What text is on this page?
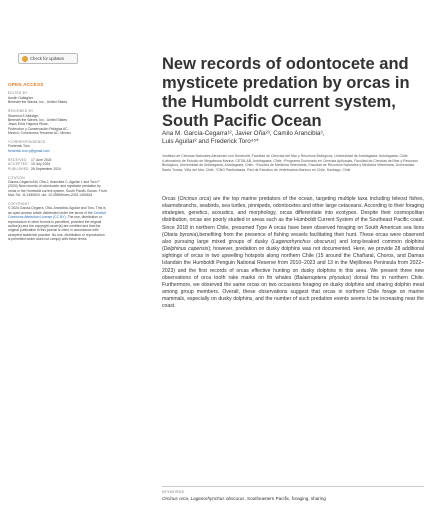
Check for updates
OPEN ACCESS
EDITED BY
Austin Gallagher,
Beneath the Waves, Inc., United States
REVIEWED BY
Shannon E Aldridge,
Beneath the Waves, Inc., United States
Jesus Erick Higuera Rivas,
Protección y Conservación Pelágica AC,
Mexico; Conexiones Terramar AC, Mexico
*CORRESPONDENCE
Frederick Toro
frederick.toro.p@gmail.com
RECEIVED	17 June 2024
ACCEPTED 19 July 2024
PUBLISHED 26 September 2024
CITATION
García-Cegarra AM, Oña J, Arancibia C, Aguilar L and Toro F (2024) New records of odontocete and mysticete predation by orcas in the Humboldt current system, South Pacific Ocean. Front. Mar. Sci. 11:1450624. doi: 10.3389/fmars.2024.1450624
COPYRIGHT
© 2024 García-Cegarra, Oña, Arancibia, Aguilar and Toro. This is an open-access article distributed under the terms of the Creative Commons Attribution License (CC BY). The use, distribution or reproduction in other forums is permitted, provided the original author(s) and the copyright owner(s) are credited and that the original publication in this journal is cited, in accordance with accepted academic practice. No use, distribution or reproduction is permitted which does not comply with these terms.
New records of odontocete and mysticete predation by orcas in the Humboldt current system, South Pacific Ocean
Ana M. García-Cegarra¹², Javier Oña²³, Camilo Arancibia³,
Luis Aguilar² and Frederick Toro⁴⁵*
¹Instituto de Ciencias Naturales Alexander von Humboldt, Facultad de Ciencias del Mar y Recursos Biológicos, Universidad de Antofagasta, Antofagasta, Chile, ²Laboratorio de Estudio de Megafauna Marina, CETALAB, Antofagasta, Chile, ³Programa Doctorado en Ciencias Aplicadas, Facultad de Ciencias del Mar y Recursos Biológicos, Universidad de Antofagasta, Antofagasta, Chile, ⁴Escuela de Medicina Veterinaria, Facultad de Recursos Naturales y Medicina Veterinaria, Universidad Santo Tomás, Viña del Mar, Chile, ⁵ONG Panthalassa, Red de Estudios de Vertebrados Marinos en Chile, Santiago, Chile
Orcas (Orcinus orca) are the top marine predators of the ocean, targeting multiple taxa including teleost fishes, elasmobranchs, seabirds, sea turtles, pinnipeds, odontocetes and other large cetaceans. According to their foraging strategies, genetics, acoustics, and morphology, orcas differentiate into ecotypes. Despite their cosmopolitan distribution, orcas are poorly studied in areas such as the Humboldt Current System of the Southeast Pacific coast. Since 2018 in northern Chile, presumed Type A orcas have been observed foraging on South American sea lions (Otaria byronia),benefiting from the presence of fishing vessels facilitating their hunt. These orcas were observed also pursuing large mixed groups of dusky (Lagenorhynchus obscurus) and long-beaked common dolphins (Delphinus capensis); however, predation on dusky dolphins was not documented. Here, we provide 28 additional sightings of orcas in two upwelling hotspots along northern Chile (15 around the Chañaral, Choros, and Damas Islandsin the Humboldt Penguin National Reserve from 2010–2023 and 13 in the Mejillones Peninsula from 2022–2023) and the first records of orcas effective hunting on dusky dolphins in this area. We present three new observations of orca tooth rake marks on fin whales (Balaenoptera physalus) dorsal fins in northern Chile. Furthermore, we observed the same orcas on two occasions foraging on dusky dolphins and sharing dolphin meat among group members. Overall, these observations suggest that orcas in northern Chile forage on marine mammals, especially on dusky dolphins, and the number of such predation events seems to be increasing near the coast.
KEYWORDS
Orcinus orca, Lagenorhynchus obscurus, Southeastern Pacific, foraging, sharing
